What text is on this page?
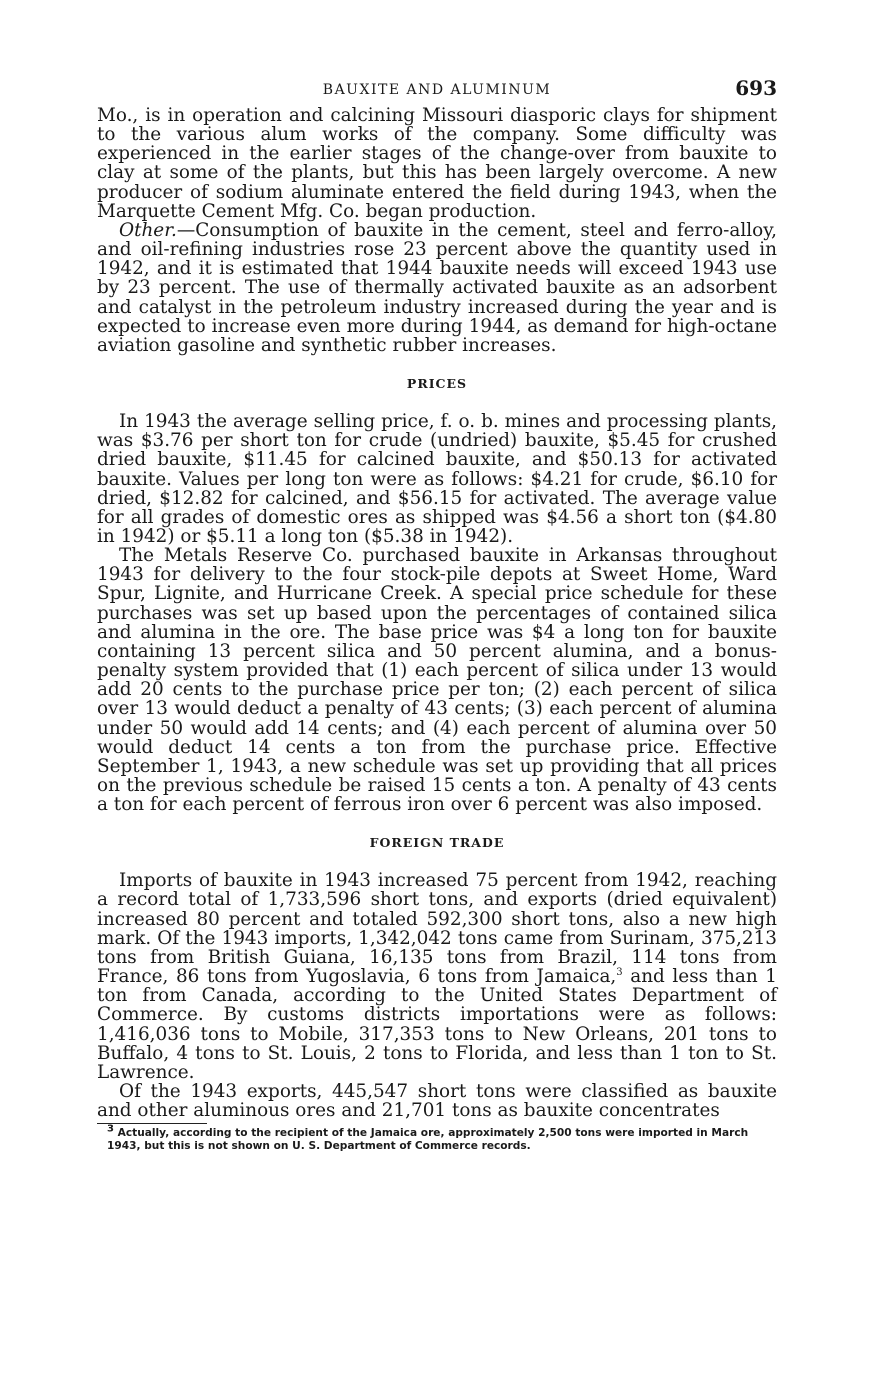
BAUXITE AND ALUMINUM	693

Mo., is in operation and calcining Missouri diasporic clays for shipment to the various alum works of the company. Some difficulty was experienced in the earlier stages of the change-over from bauxite to clay at some of the plants, but this has been largely overcome. A new producer of sodium aluminate entered the field during 1943, when the Marquette Cement Mfg. Co. began production.

Other.—Consumption of bauxite in the cement, steel and ferro-alloy, and oil-refining industries rose 23 percent above the quantity used in 1942, and it is estimated that 1944 bauxite needs will exceed 1943 use by 23 percent. The use of thermally activated bauxite as an adsorbent and catalyst in the petroleum industry increased during the year and is expected to increase even more during 1944, as demand for high-octane aviation gasoline and synthetic rubber increases.

PRICES

In 1943 the average selling price, f. o. b. mines and processing plants, was $3.76 per short ton for crude (undried) bauxite, $5.45 for crushed dried bauxite, $11.45 for calcined bauxite, and $50.13 for activated bauxite. Values per long ton were as follows: $4.21 for crude, $6.10 for dried, $12.82 for calcined, and $56.15 for activated. The average value for all grades of domestic ores as shipped was $4.56 a short ton ($4.80 in 1942) or $5.11 a long ton ($5.38 in 1942).

The Metals Reserve Co. purchased bauxite in Arkansas throughout 1943 for delivery to the four stock-pile depots at Sweet Home, Ward Spur, Lignite, and Hurricane Creek. A special price schedule for these purchases was set up based upon the percentages of contained silica and alumina in the ore. The base price was $4 a long ton for bauxite containing 13 percent silica and 50 percent alumina, and a bonus-penalty system provided that (1) each percent of silica under 13 would add 20 cents to the purchase price per ton; (2) each percent of silica over 13 would deduct a penalty of 43 cents; (3) each percent of alumina under 50 would add 14 cents; and (4) each percent of alumina over 50 would deduct 14 cents a ton from the purchase price. Effective September 1, 1943, a new schedule was set up providing that all prices on the previous schedule be raised 15 cents a ton. A penalty of 43 cents a ton for each percent of ferrous iron over 6 percent was also imposed.

FOREIGN TRADE

Imports of bauxite in 1943 increased 75 percent from 1942, reaching a record total of 1,733,596 short tons, and exports (dried equivalent) increased 80 percent and totaled 592,300 short tons, also a new high mark. Of the 1943 imports, 1,342,042 tons came from Surinam, 375,213 tons from British Guiana, 16,135 tons from Brazil, 114 tons from France, 86 tons from Yugoslavia, 6 tons from Jamaica,$^3$ and less than 1 ton from Canada, according to the United States Department of Commerce. By customs districts importations were as follows: 1,416,036 tons to Mobile, 317,353 tons to New Orleans, 201 tons to Buffalo, 4 tons to St. Louis, 2 tons to Florida, and less than 1 ton to St. Lawrence.

Of the 1943 exports, 445,547 short tons were classified as bauxite and other aluminous ores and 21,701 tons as bauxite concentrates

$^3$ Actually, according to the recipient of the Jamaica ore, approximately 2,500 tons were imported in March 1943, but this is not shown on U. S. Department of Commerce records.
